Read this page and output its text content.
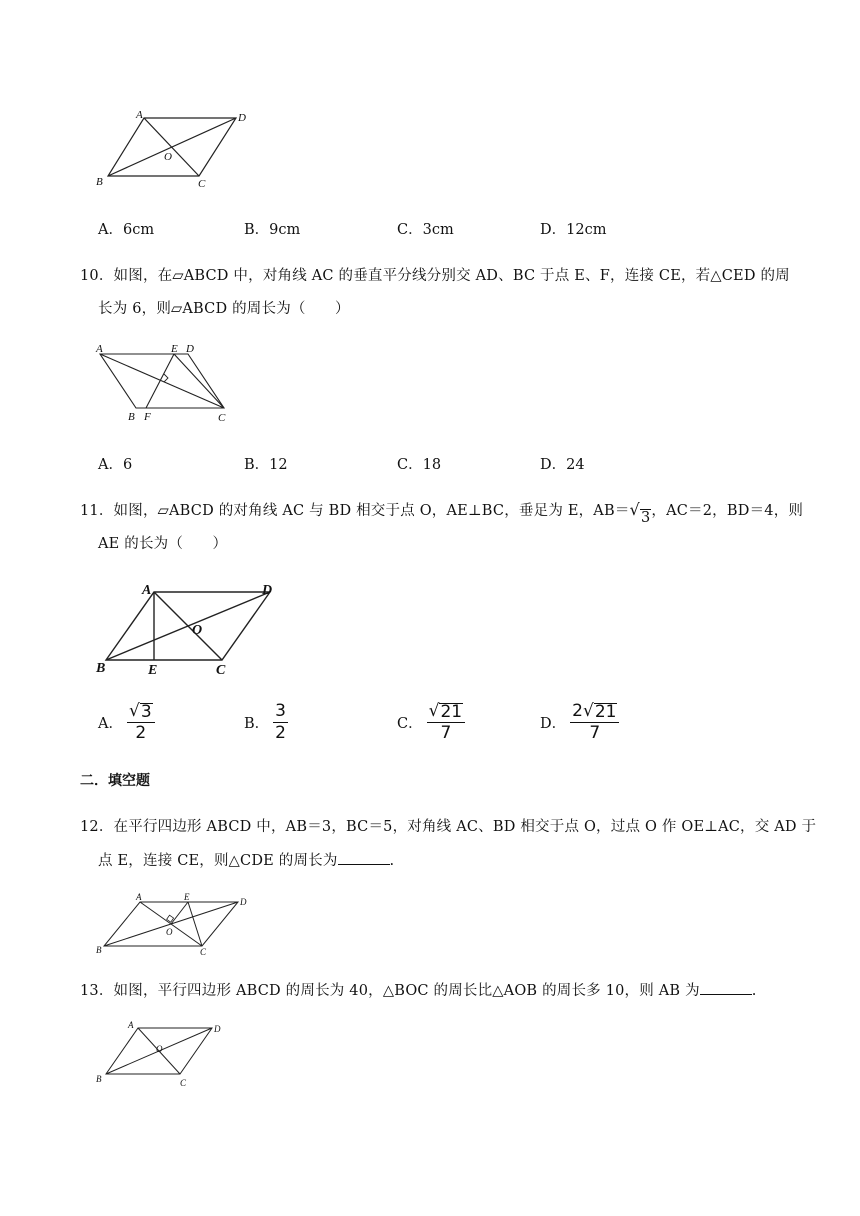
A	D
O
B	C
A．6cm	B．9cm	C．3cm	D．12cm
10．如图，在▱ABCD 中，对角线 AC 的垂直平分线分别交 AD、BC 于点 E、F，连接 CE，若△CED 的周
长为 6，则▱ABCD 的周长为（　　）
A	E D
B F	C
A．6	B．12	C．18	D．24
11．如图，▱ABCD 的对角线 AC 与 BD 相交于点 O，AE⊥BC，垂足为 E，AB＝ √ 3 ，AC＝2，BD＝4，则
AE 的长为（　　）
A	D
O
B	E	C
A． $\frac{√ 3}{2}$	B． $\frac{3}{2}$	C． $\frac{√ 21}{7}$	D． $\frac{2 √ 21}{7}$
二．填空题
12．在平行四边形 ABCD 中，AB＝3，BC＝5，对角线 AC、BD 相交于点 O，过点 O 作 OE⊥AC，交 AD 于
点 E，连接 CE，则△CDE 的周长为	.
A	E	D
O
B	C
13．如图，平行四边形 ABCD 的周长为 40，△BOC 的周长比△AOB 的周长多 10，则 AB 为	.
A	D
O
B	C
